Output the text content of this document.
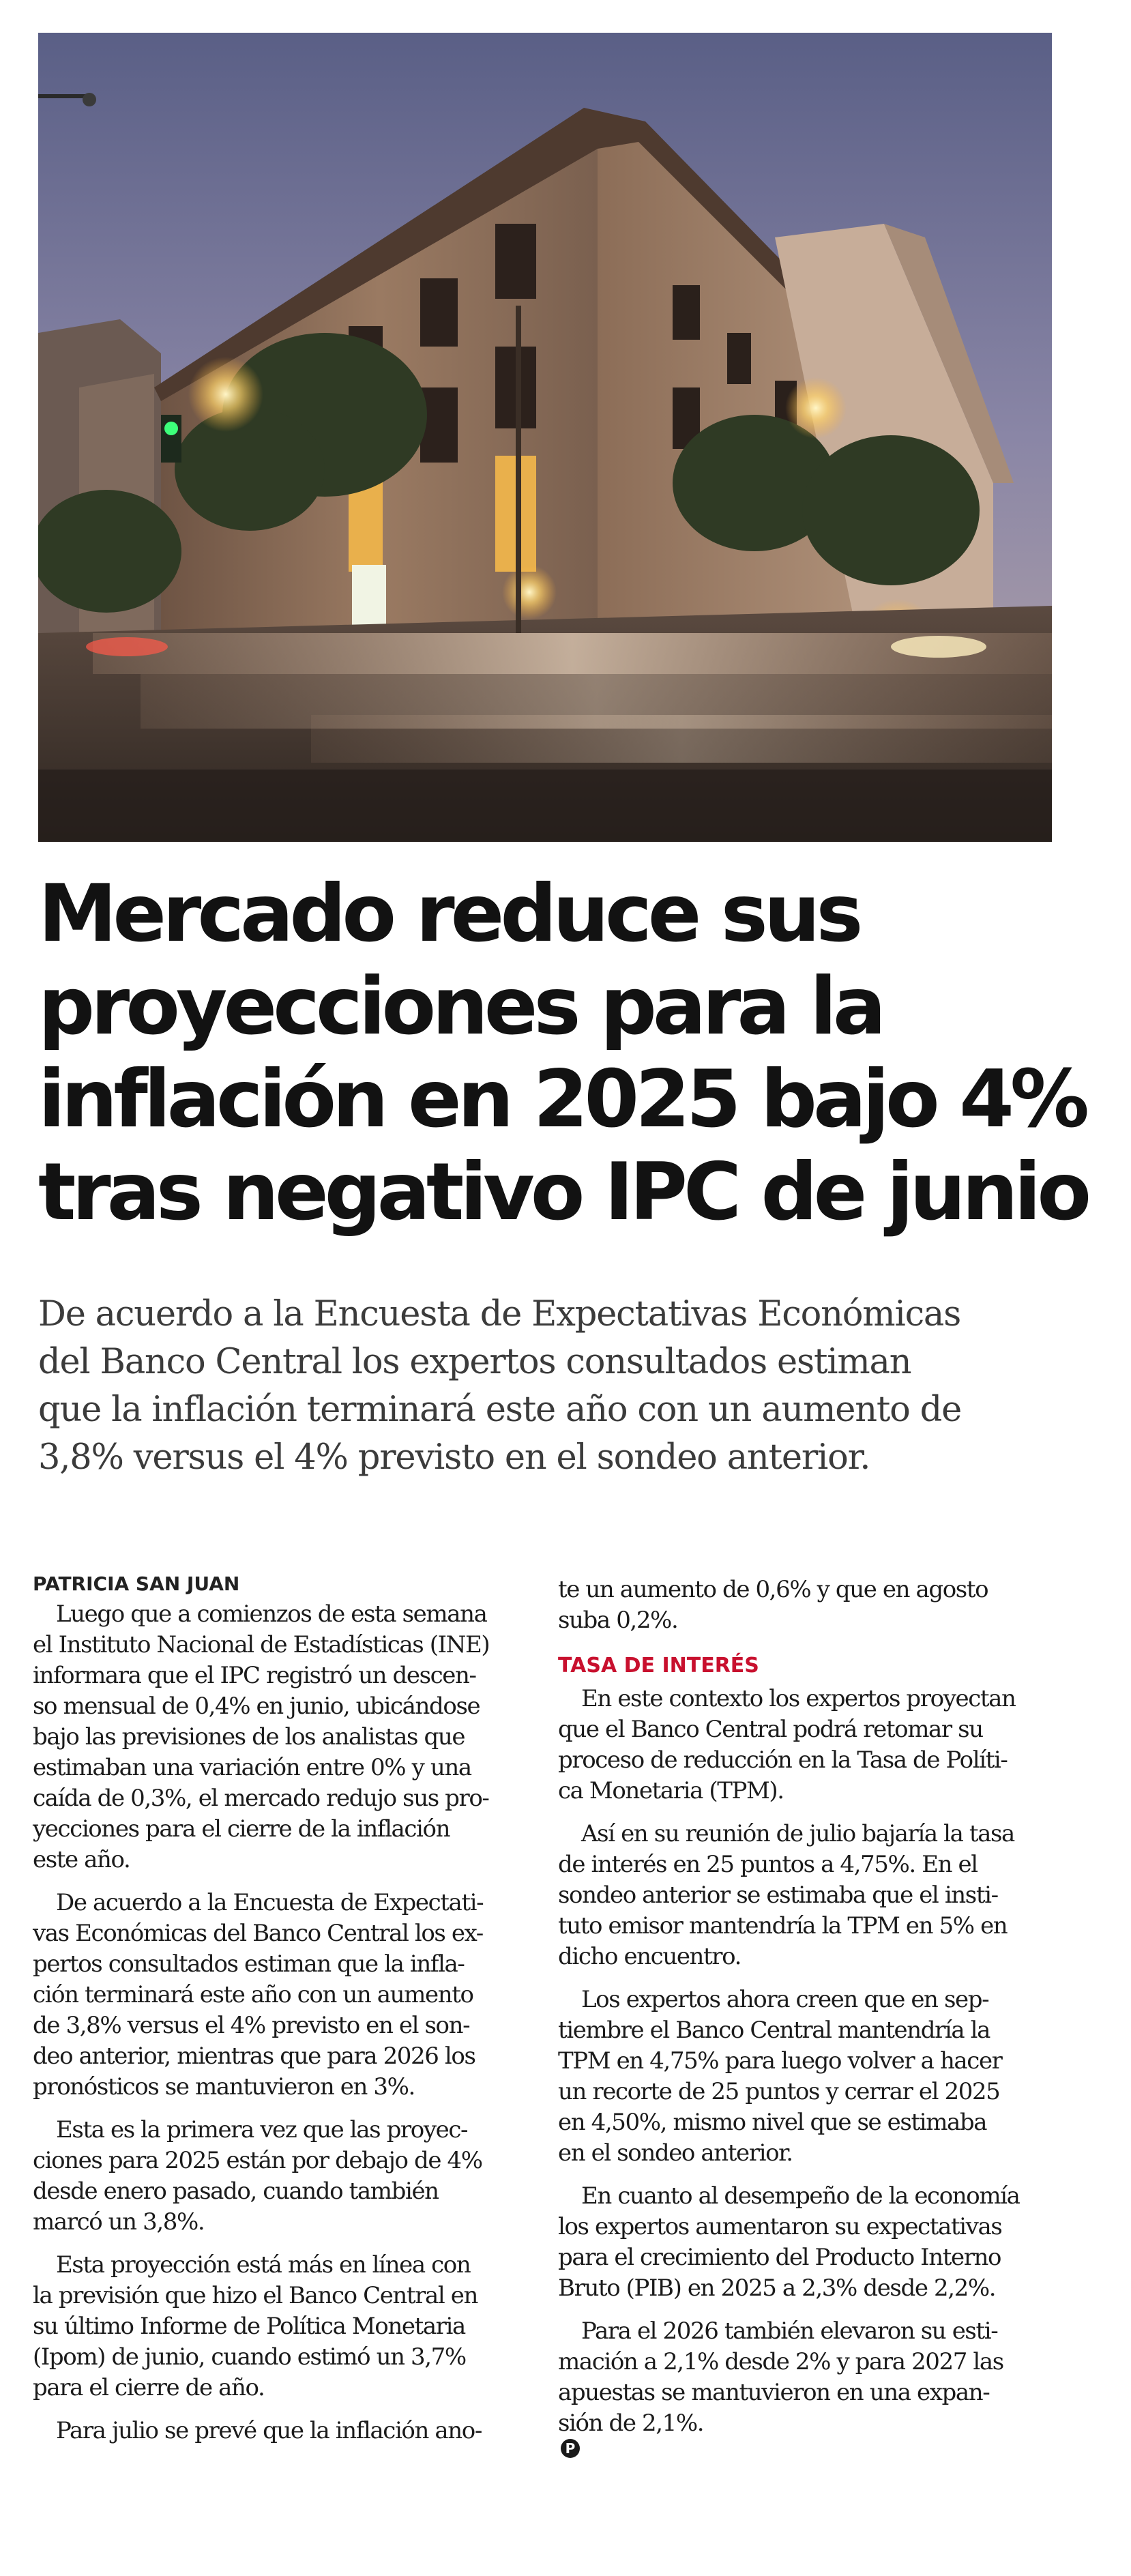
Mercado reduce sus
proyecciones para la
inflación en 2025 bajo 4%
tras negativo IPC de junio

De acuerdo a la Encuesta de Expectativas Económicas
del Banco Central los expertos consultados estiman
que la inflación terminará este año con un aumento de
3,8% versus el 4% previsto en el sondeo anterior.

PATRICIA SAN JUAN

Luego que a comienzos de esta semana
el Instituto Nacional de Estadísticas (INE)
informara que el IPC registró un descen-
so mensual de 0,4% en junio, ubicándose
bajo las previsiones de los analistas que
estimaban una variación entre 0% y una
caída de 0,3%, el mercado redujo sus pro-
yecciones para el cierre de la inflación
este año.

De acuerdo a la Encuesta de Expectati-
vas Económicas del Banco Central los ex-
pertos consultados estiman que la infla-
ción terminará este año con un aumento
de 3,8% versus el 4% previsto en el son-
deo anterior, mientras que para 2026 los
pronósticos se mantuvieron en 3%.

Esta es la primera vez que las proyec-
ciones para 2025 están por debajo de 4%
desde enero pasado, cuando también
marcó un 3,8%.

Esta proyección está más en línea con
la previsión que hizo el Banco Central en
su último Informe de Política Monetaria
(Ipom) de junio, cuando estimó un 3,7%
para el cierre de año.

Para julio se prevé que la inflación ano-

te un aumento de 0,6% y que en agosto
suba 0,2%.

TASA DE INTERÉS

En este contexto los expertos proyectan
que el Banco Central podrá retomar su
proceso de reducción en la Tasa de Políti-
ca Monetaria (TPM).

Así en su reunión de julio bajaría la tasa
de interés en 25 puntos a 4,75%. En el
sondeo anterior se estimaba que el insti-
tuto emisor mantendría la TPM en 5% en
dicho encuentro.

Los expertos ahora creen que en sep-
tiembre el Banco Central mantendría la
TPM en 4,75% para luego volver a hacer
un recorte de 25 puntos y cerrar el 2025
en 4,50%, mismo nivel que se estimaba
en el sondeo anterior.

En cuanto al desempeño de la economía
los expertos aumentaron su expectativas
para el crecimiento del Producto Interno
Bruto (PIB) en 2025 a 2,3% desde 2,2%.

Para el 2026 también elevaron su esti-
mación a 2,1% desde 2% y para 2027 las
apuestas se mantuvieron en una expan-
sión de 2,1%.
P
